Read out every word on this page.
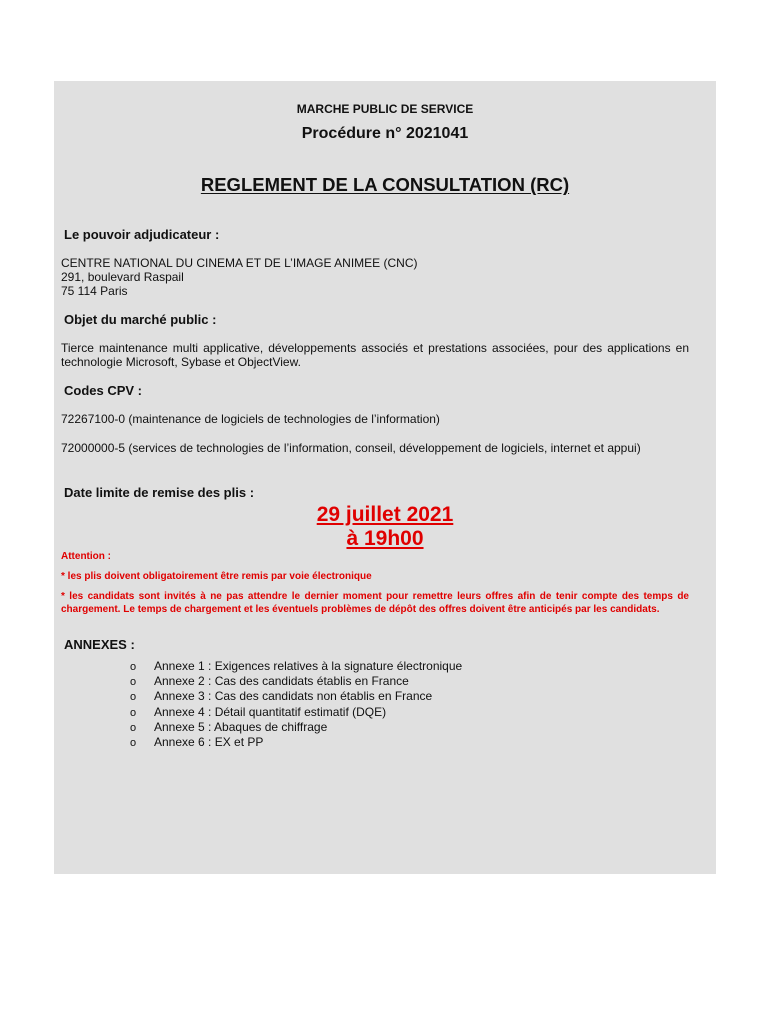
MARCHE PUBLIC DE SERVICE
Procédure n° 2021041
REGLEMENT DE LA CONSULTATION (RC)
Le pouvoir adjudicateur :
CENTRE NATIONAL DU CINEMA ET DE L’IMAGE ANIMEE (CNC)
291, boulevard Raspail
75 114 Paris
Objet du marché public :
Tierce maintenance multi applicative, développements associés et prestations associées, pour des applications en technologie Microsoft, Sybase et ObjectView.
Codes CPV :
72267100-0 (maintenance de logiciels de technologies de l’information)
72000000-5 (services de technologies de l’information, conseil, développement de logiciels, internet et appui)
Date limite de remise des plis :
29 juillet 2021
à 19h00
Attention :
* les plis doivent obligatoirement être remis par voie électronique
* les candidats sont invités à ne pas attendre le dernier moment pour remettre leurs offres afin de tenir compte des temps de chargement. Le temps de chargement et les éventuels problèmes de dépôt des offres doivent être anticipés par les candidats.
ANNEXES :
o Annexe 1 : Exigences relatives à la signature électronique
o Annexe 2 : Cas des candidats établis en France
o Annexe 3 : Cas des candidats non établis en France
o Annexe 4 : Détail quantitatif estimatif (DQE)
o Annexe 5 : Abaques de chiffrage
o Annexe 6 : EX et PP
